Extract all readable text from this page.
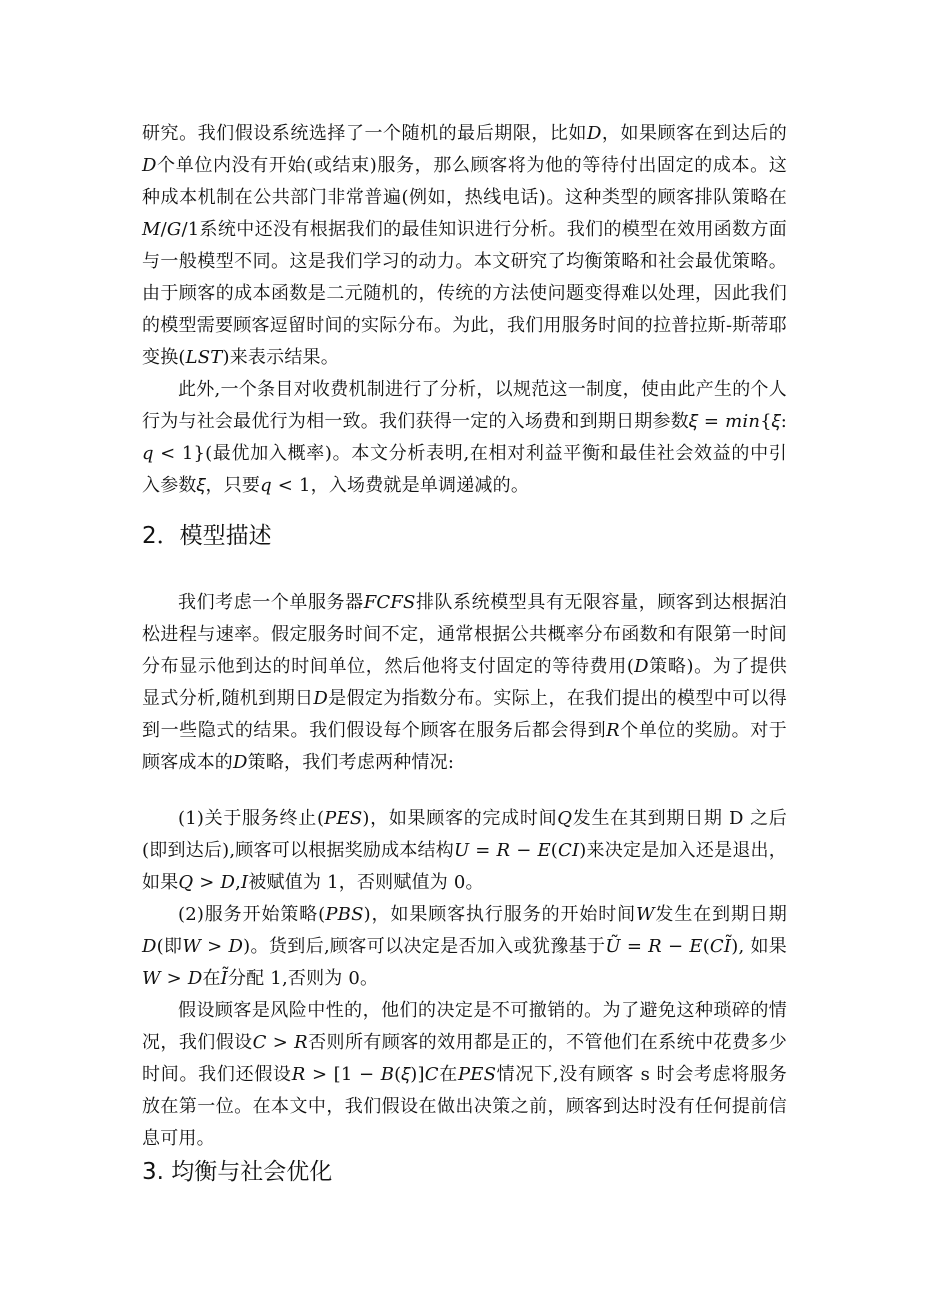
研究。我们假设系统选择了一个随机的最后期限，比如𝐷，如果顾客在到达后的𝐷个单位内没有开始(或结束)服务，那么顾客将为他的等待付出固定的成本。这种成本机制在公共部门非常普遍(例如，热线电话)。这种类型的顾客排队策略在𝑀/𝐺/1系统中还没有根据我们的最佳知识进行分析。我们的模型在效用函数方面与一般模型不同。这是我们学习的动力。本文研究了均衡策略和社会最优策略。由于顾客的成本函数是二元随机的，传统的方法使问题变得难以处理，因此我们的模型需要顾客逗留时间的实际分布。为此，我们用服务时间的拉普拉斯-斯蒂耶变换(𝐿𝑆𝑇)来表示结果。

此外,一个条目对收费机制进行了分析，以规范这一制度，使由此产生的个人行为与社会最优行为相一致。我们获得一定的入场费和到期日期参数𝜉 = 𝑚𝑖𝑛{𝜉: 𝑞 < 1}(最优加入概率)。本文分析表明,在相对利益平衡和最佳社会效益的中引入参数𝜉，只要𝑞 < 1，入场费就是单调递减的。

2．模型描述

我们考虑一个单服务器𝐹𝐶𝐹𝑆排队系统模型具有无限容量，顾客到达根据泊松进程与速率。假定服务时间不定，通常根据公共概率分布函数和有限第一时间分布显示他到达的时间单位，然后他将支付固定的等待费用(𝐷策略)。为了提供显式分析,随机到期日𝐷是假定为指数分布。实际上，在我们提出的模型中可以得到一些隐式的结果。我们假设每个顾客在服务后都会得到𝑅个单位的奖励。对于顾客成本的𝐷策略，我们考虑两种情况:

(1)关于服务终止(𝑃𝐸𝑆)，如果顾客的完成时间𝑄发生在其到期日期 D 之后(即到达后),顾客可以根据奖励成本结构𝑈 = 𝑅 − 𝐸(𝐶𝐼)来决定是加入还是退出，如果𝑄 > 𝐷,𝐼被赋值为 1，否则赋值为 0。

(2)服务开始策略(𝑃𝐵𝑆)，如果顾客执行服务的开始时间𝑊发生在到期日期𝐷(即𝑊 > 𝐷)。货到后,顾客可以决定是否加入或犹豫基于𝑈̃ = 𝑅 − 𝐸(𝐶𝐼̃), 如果𝑊 > 𝐷在𝐼̃分配 1,否则为 0。

假设顾客是风险中性的，他们的决定是不可撤销的。为了避免这种琐碎的情况，我们假设𝐶 > 𝑅否则所有顾客的效用都是正的，不管他们在系统中花费多少时间。我们还假设𝑅 > [1 − 𝐵(𝜉)]𝐶在𝑃𝐸𝑆情况下,没有顾客 s 时会考虑将服务放在第一位。在本文中，我们假设在做出决策之前，顾客到达时没有任何提前信息可用。

3. 均衡与社会优化
